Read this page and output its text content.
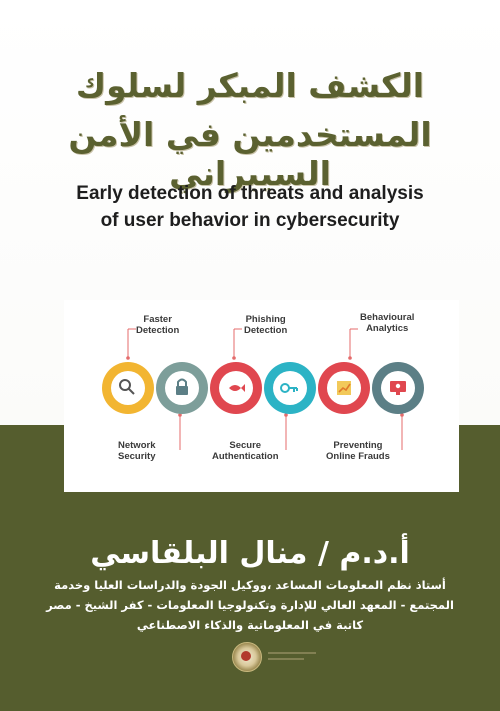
الكشف المبكر لسلوك
المستخدمين في الأمن السيبراني
Early detection of threats and analysis
of user behavior in cybersecurity
Faster
Detection
Phishing
Detection
Behavioural
Analytics
Network
Security
Secure
Authentication
Preventing
Online Frauds
أ.د.م / منال البلقاسي
أستاذ نظم المعلومات المساعد ،ووكيل الجودة والدراسات العليا وخدمة
المجتمع - المعهد العالي للإدارة وتكنولوجيا المعلومات - كفر الشيخ - مصر
كاتبة في المعلوماتية والذكاء الاصطناعي
